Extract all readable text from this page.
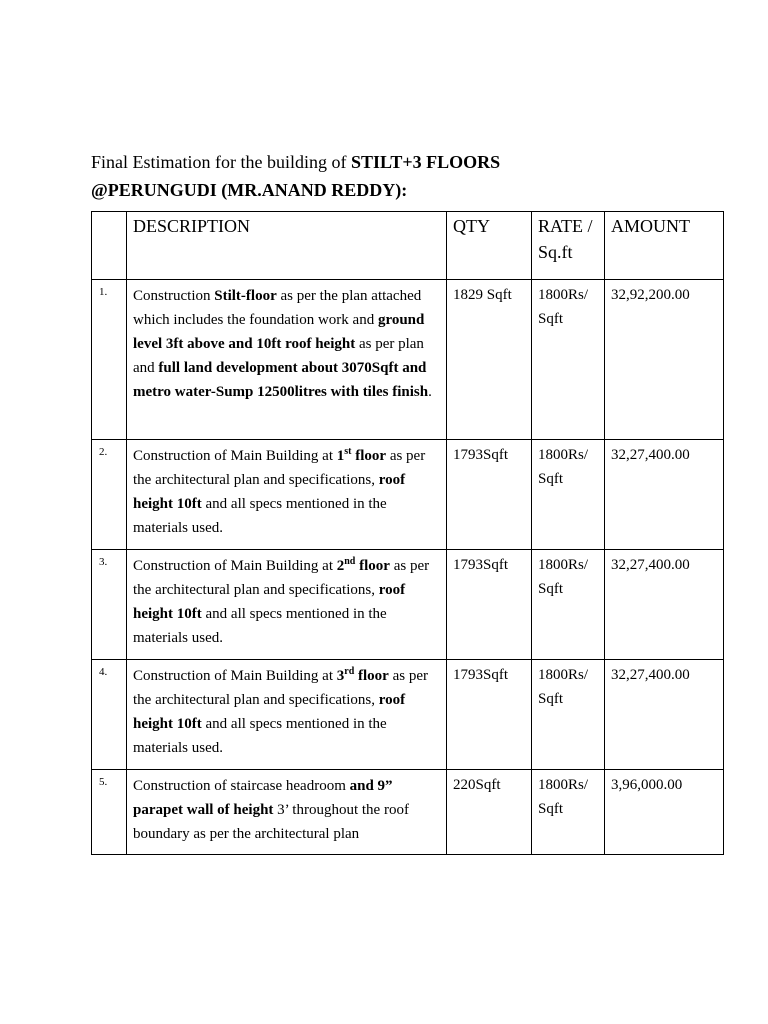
Final Estimation for the building of STILT+3 FLOORS
@PERUNGUDI (MR.ANAND REDDY):
	DESCRIPTION	QTY	RATE / Sq.ft	AMOUNT
1.	Construction Stilt-floor as per the plan attached which includes the foundation work and ground level 3ft above and 10ft roof height as per plan and full land development about 3070Sqft and metro water-Sump 12500litres with tiles finish.	1829 Sqft	1800Rs/ Sqft	32,92,200.00
2.	Construction of Main Building at 1st floor as per the architectural plan and specifications, roof height 10ft and all specs mentioned in the materials used.	1793Sqft	1800Rs/ Sqft	32,27,400.00
3.	Construction of Main Building at 2nd floor as per the architectural plan and specifications, roof height 10ft and all specs mentioned in the materials used.	1793Sqft	1800Rs/ Sqft	32,27,400.00
4.	Construction of Main Building at 3rd floor as per the architectural plan and specifications, roof height 10ft and all specs mentioned in the materials used.	1793Sqft	1800Rs/ Sqft	32,27,400.00
5.	Construction of staircase headroom and 9” parapet wall of height 3’ throughout the roof boundary as per the architectural plan	220Sqft	1800Rs/ Sqft	3,96,000.00
